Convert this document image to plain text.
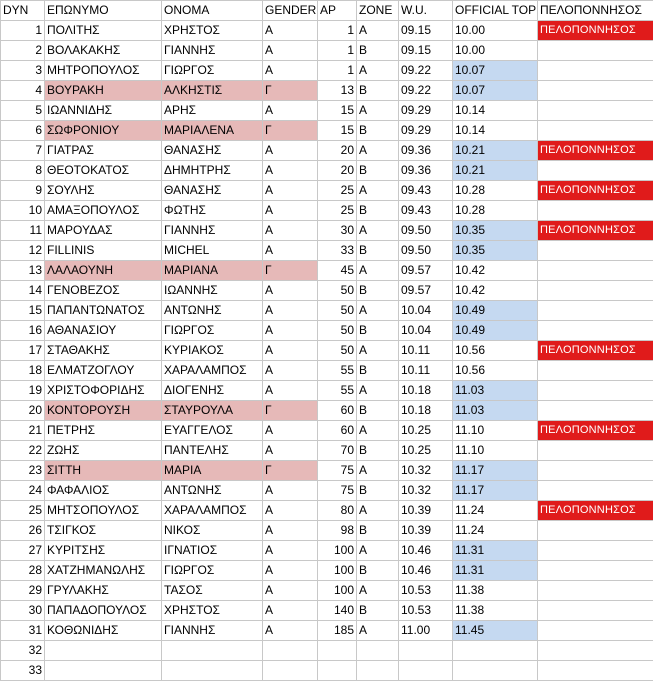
DYN	ΕΠΩΝΥΜΟ	ΟΝΟΜΑ	GENDER	ΑΡ	ZONE	W.U.	OFFICIAL TOP	ΠΕΛΟΠΟΝΝΗΣΟΣ
1	ΠΟΛΙΤΗΣ	ΧΡΗΣΤΟΣ	Α	1	Α	09.15	10.00	ΠΕΛΟΠΟΝΝΗΣΟΣ
2	ΒΟΛΑΚΑΚΗΣ	ΓΙΑΝΝΗΣ	Α	1	Β	09.15	10.00	
3	ΜΗΤΡΟΠΟΥΛΟΣ	ΓΙΩΡΓΟΣ	Α	1	Α	09.22	10.07	
4	ΒΟΥΡΑΚΗ	ΑΛΚΗΣΤΙΣ	Γ	13	Β	09.22	10.07	
5	ΙΩΑΝΝΙΔΗΣ	ΑΡΗΣ	Α	15	Α	09.29	10.14	
6	ΣΩΦΡΟΝΙΟΥ	ΜΑΡΙΑΛΕΝΑ	Γ	15	Β	09.29	10.14	
7	ΓΙΑΤΡΑΣ	ΘΑΝΑΣΗΣ	Α	20	Α	09.36	10.21	ΠΕΛΟΠΟΝΝΗΣΟΣ
8	ΘΕΟΤΟΚΑΤΟΣ	ΔΗΜΗΤΡΗΣ	Α	20	Β	09.36	10.21	
9	ΣΟΥΛΗΣ	ΘΑΝΑΣΗΣ	Α	25	Α	09.43	10.28	ΠΕΛΟΠΟΝΝΗΣΟΣ
10	ΑΜΑΞΟΠΟΥΛΟΣ	ΦΩΤΗΣ	Α	25	Β	09.43	10.28	
11	ΜΑΡΟΥΔΑΣ	ΓΙΑΝΝΗΣ	Α	30	Α	09.50	10.35	ΠΕΛΟΠΟΝΝΗΣΟΣ
12	FILLINIS	MICHEL	Α	33	Β	09.50	10.35	
13	ΛΑΛΑΟΥΝΗ	ΜΑΡΙΑΝΑ	Γ	45	Α	09.57	10.42	
14	ΓΕΝΟΒΕΖΟΣ	ΙΩΑΝΝΗΣ	Α	50	Β	09.57	10.42	
15	ΠΑΠΑΝΤΩΝΑΤΟΣ	ΑΝΤΩΝΗΣ	Α	50	Α	10.04	10.49	
16	ΑΘΑΝΑΣΙΟΥ	ΓΙΩΡΓΟΣ	Α	50	Β	10.04	10.49	
17	ΣΤΑΘΑΚΗΣ	ΚΥΡΙΑΚΟΣ	Α	50	Α	10.11	10.56	ΠΕΛΟΠΟΝΝΗΣΟΣ
18	ΕΛΜΑΤΖΟΓΛΟΥ	ΧΑΡΑΛΑΜΠΟΣ	Α	55	Β	10.11	10.56	
19	ΧΡΙΣΤΟΦΟΡΙΔΗΣ	ΔΙΟΓΕΝΗΣ	Α	55	Α	10.18	11.03	
20	ΚΟΝΤΟΡΟΥΣΗ	ΣΤΑΥΡΟΥΛΑ	Γ	60	Β	10.18	11.03	
21	ΠΕΤΡΗΣ	ΕΥΑΓΓΕΛΟΣ	Α	60	Α	10.25	11.10	ΠΕΛΟΠΟΝΝΗΣΟΣ
22	ΖΩΗΣ	ΠΑΝΤΕΛΗΣ	Α	70	Β	10.25	11.10	
23	ΣΙΤΤΗ	ΜΑΡΙΑ	Γ	75	Α	10.32	11.17	
24	ΦΑΦΑΛΙΟΣ	ΑΝΤΩΝΗΣ	Α	75	Β	10.32	11.17	
25	ΜΗΤΣΟΠΟΥΛΟΣ	ΧΑΡΑΛΑΜΠΟΣ	Α	80	Α	10.39	11.24	ΠΕΛΟΠΟΝΝΗΣΟΣ
26	ΤΣΙΓΚΟΣ	ΝΙΚΟΣ	Α	98	Β	10.39	11.24	
27	ΚΥΡΙΤΣΗΣ	ΙΓΝΑΤΙΟΣ	Α	100	Α	10.46	11.31	
28	ΧΑΤΖΗΜΑΝΩΛΗΣ	ΓΙΩΡΓΟΣ	Α	100	Β	10.46	11.31	
29	ΓΡΥΛΑΚΗΣ	ΤΑΣΟΣ	Α	100	Α	10.53	11.38	
30	ΠΑΠΑΔΟΠΟΥΛΟΣ	ΧΡΗΣΤΟΣ	Α	140	Β	10.53	11.38	
31	ΚΟΘΩΝΙΔΗΣ	ΓΙΑΝΝΗΣ	Α	185	Α	11.00	11.45	
32								
33								
